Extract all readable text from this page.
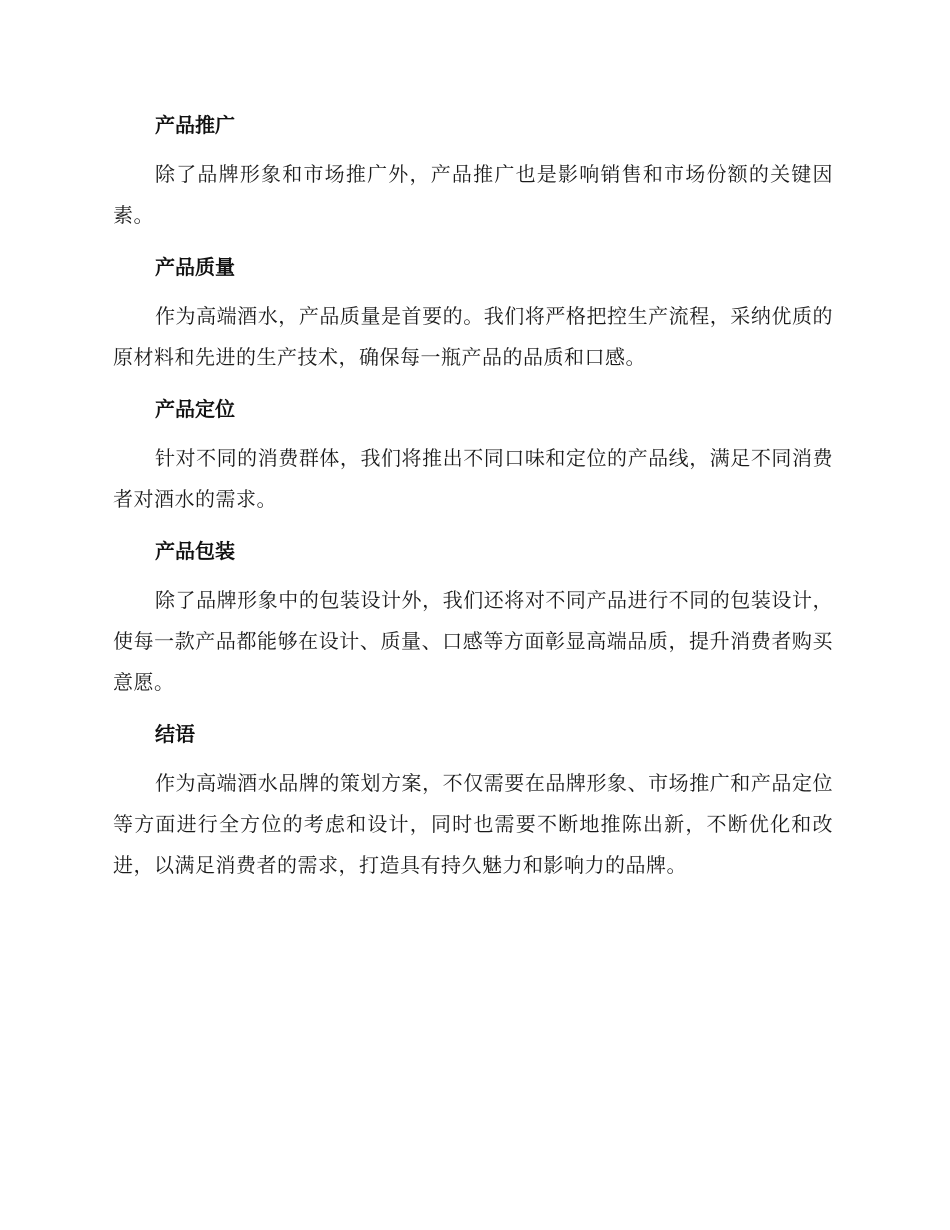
产品推广

除了品牌形象和市场推广外，产品推广也是影响销售和市场份额的关键因素。

产品质量

作为高端酒水，产品质量是首要的。我们将严格把控生产流程，采纳优质的原材料和先进的生产技术，确保每一瓶产品的品质和口感。

产品定位

针对不同的消费群体，我们将推出不同口味和定位的产品线，满足不同消费者对酒水的需求。

产品包装

除了品牌形象中的包装设计外，我们还将对不同产品进行不同的包装设计，使每一款产品都能够在设计、质量、口感等方面彰显高端品质，提升消费者购买意愿。

结语

作为高端酒水品牌的策划方案，不仅需要在品牌形象、市场推广和产品定位等方面进行全方位的考虑和设计，同时也需要不断地推陈出新，不断优化和改进，以满足消费者的需求，打造具有持久魅力和影响力的品牌。
